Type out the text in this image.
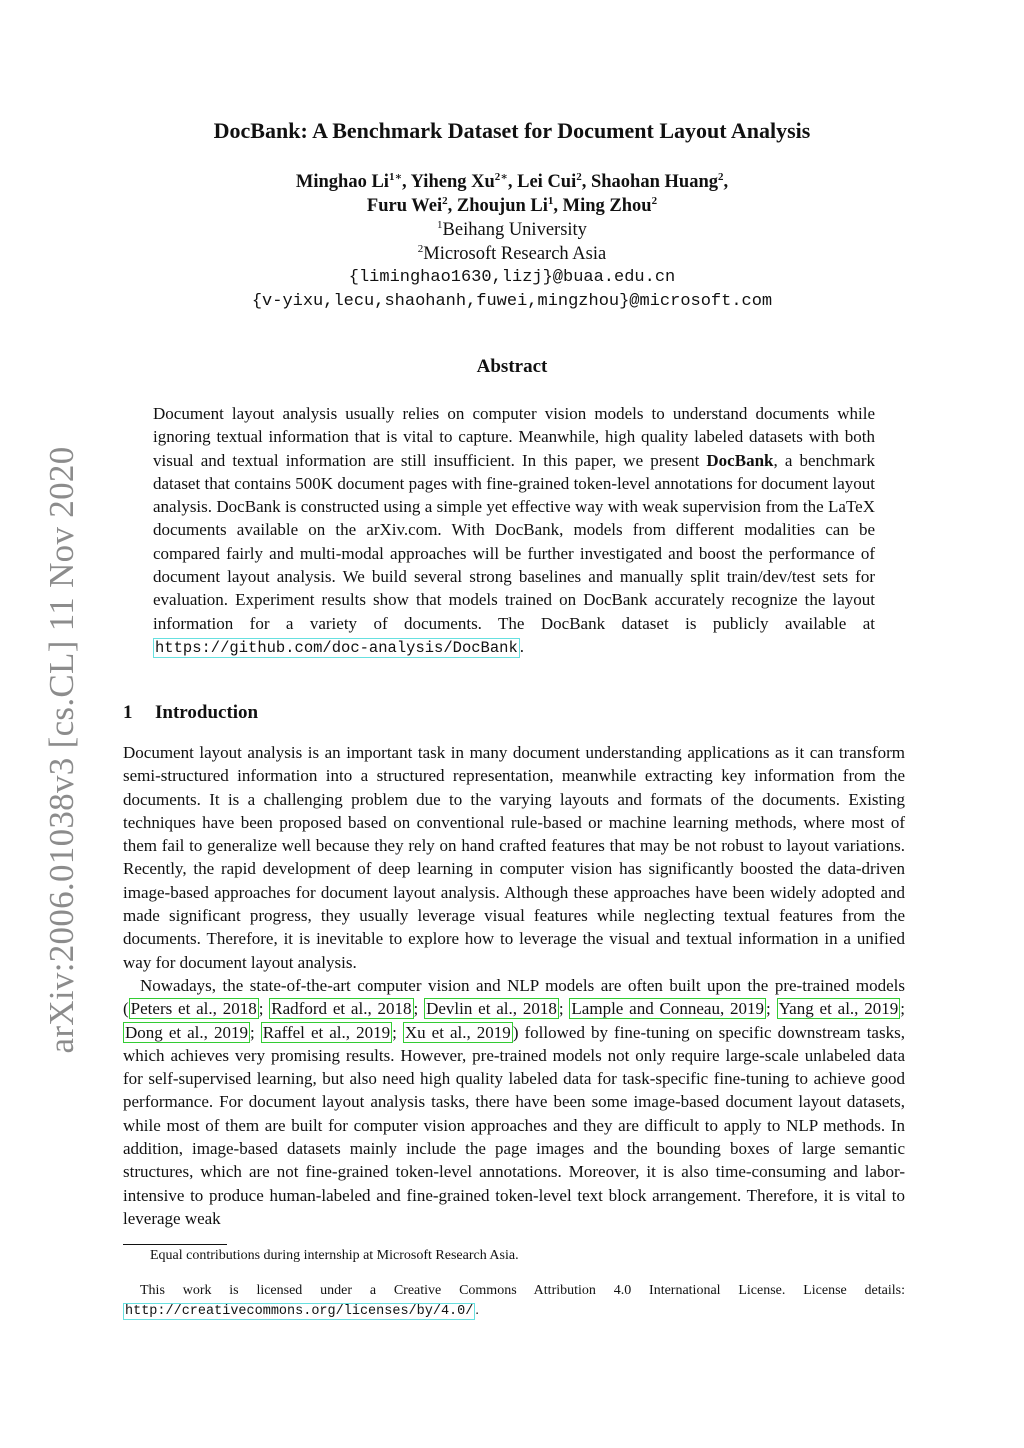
arXiv:2006.01038v3 [cs.CL] 11 Nov 2020
DocBank: A Benchmark Dataset for Document Layout Analysis
Minghao $Li^{1∗}$, Yiheng $Xu^{2∗}$, Lei Cui$^2$, Shaohan Huang$^2$,
Furu Wei$^2$, Zhoujun Li$^1$, Ming Zhou$^2$
$^1$Beihang University
$^2$Microsoft Research Asia
{liminghao1630,lizj}@buaa.edu.cn
{v-yixu,lecu,shaohanh,fuwei,mingzhou}@microsoft.com
Abstract
Document layout analysis usually relies on computer vision models to understand documents while ignoring textual information that is vital to capture. Meanwhile, high quality labeled datasets with both visual and textual information are still insufficient. In this paper, we present DocBank, a benchmark dataset that contains 500K document pages with fine-grained token-level annotations for document layout analysis. DocBank is constructed using a simple yet effective way with weak supervision from the LaTeX documents available on the arXiv.com. With DocBank, models from different modalities can be compared fairly and multi-modal approaches will be further investigated and boost the performance of document layout analysis. We build several strong baselines and manually split train/dev/test sets for evaluation. Experiment results show that models trained on DocBank accurately recognize the layout information for a variety of documents. The DocBank dataset is publicly available at https://github.com/doc-analysis/DocBank .
1 Introduction

Document layout analysis is an important task in many document understanding applications as it can transform semi-structured information into a structured representation, meanwhile extracting key information from the documents. It is a challenging problem due to the varying layouts and formats of the documents. Existing techniques have been proposed based on conventional rule-based or machine learning methods, where most of them fail to generalize well because they rely on hand crafted features that may be not robust to layout variations. Recently, the rapid development of deep learning in computer vision has significantly boosted the data-driven image-based approaches for document layout analysis. Although these approaches have been widely adopted and made significant progress, they usually leverage visual features while neglecting textual features from the documents. Therefore, it is inevitable to explore how to leverage the visual and textual information in a unified way for document layout analysis.

Nowadays, the state-of-the-art computer vision and NLP models are often built upon the pre-trained models ( Peters et al., 2018 ; Radford et al., 2018 ; Devlin et al., 2018 ; Lample and Conneau, 2019 ; Yang et al., 2019 ; Dong et al., 2019 ; Raffel et al., 2019 ; Xu et al., 2019 ) followed by fine-tuning on specific downstream tasks, which achieves very promising results. However, pre-trained models not only require large-scale unlabeled data for self-supervised learning, but also need high quality labeled data for task-specific fine-tuning to achieve good performance. For document layout analysis tasks, there have been some image-based document layout datasets, while most of them are built for computer vision approaches and they are difficult to apply to NLP methods. In addition, image-based datasets mainly include the page images and the bounding boxes of large semantic structures, which are not fine-grained token-level annotations. Moreover, it is also time-consuming and labor-intensive to produce human-labeled and fine-grained token-level text block arrangement. Therefore, it is vital to leverage weak

Equal contributions during internship at Microsoft Research Asia.
This work is licensed under a Creative Commons Attribution 4.0 International License. License details: http://creativecommons.org/licenses/by/4.0/ .
